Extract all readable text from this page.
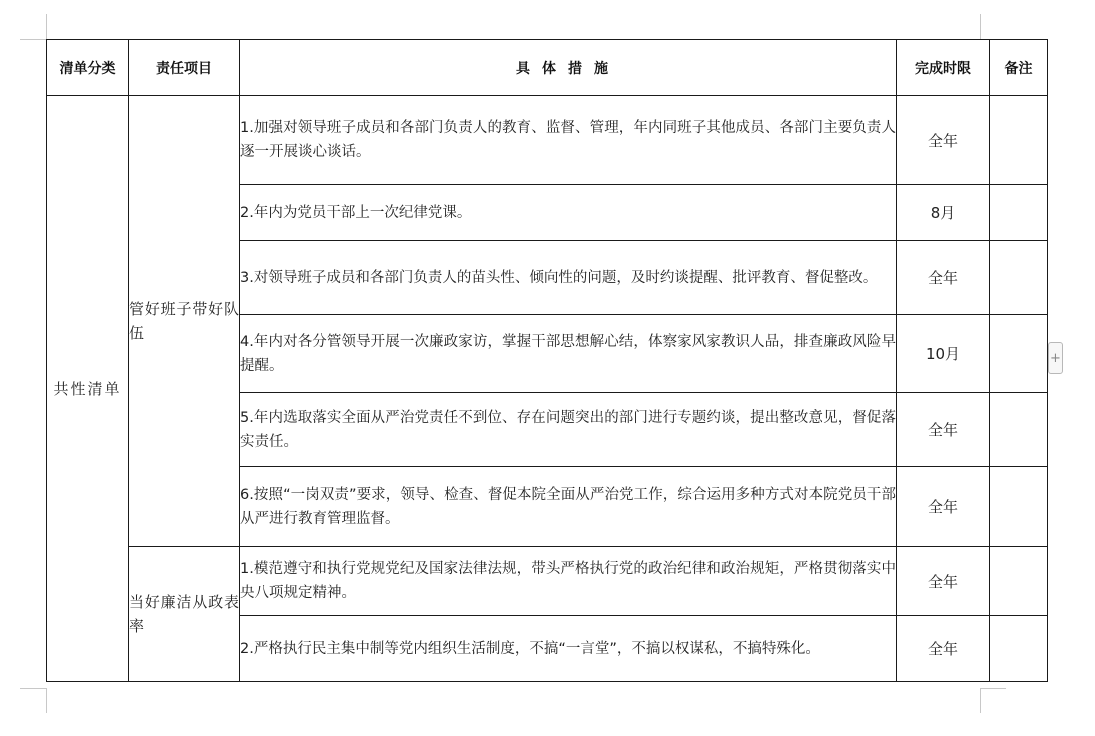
清单分类	责任项目	具体措施	完成时限	备注
共性清单	管好班子带好队伍	1.加强对领导班子成员和各部门负责人的教育、监督、管理，年内同班子其他成员、各部门主要负责人逐一开展谈心谈话。	全年	
		2.年内为党员干部上一次纪律党课。	8月	
		3.对领导班子成员和各部门负责人的苗头性、倾向性的问题，及时约谈提醒、批评教育、督促整改。	全年	
		4.年内对各分管领导开展一次廉政家访，掌握干部思想解心结，体察家风家教识人品，排查廉政风险早提醒。	10月	
		5.年内选取落实全面从严治党责任不到位、存在问题突出的部门进行专题约谈，提出整改意见，督促落实责任。	全年	
		6.按照“一岗双责”要求，领导、检查、督促本院全面从严治党工作，综合运用多种方式对本院党员干部从严进行教育管理监督。	全年	
	当好廉洁从政表率	1.模范遵守和执行党规党纪及国家法律法规，带头严格执行党的政治纪律和政治规矩，严格贯彻落实中央八项规定精神。	全年	
		2.严格执行民主集中制等党内组织生活制度，不搞“一言堂”，不搞以权谋私，不搞特殊化。	全年	
+
